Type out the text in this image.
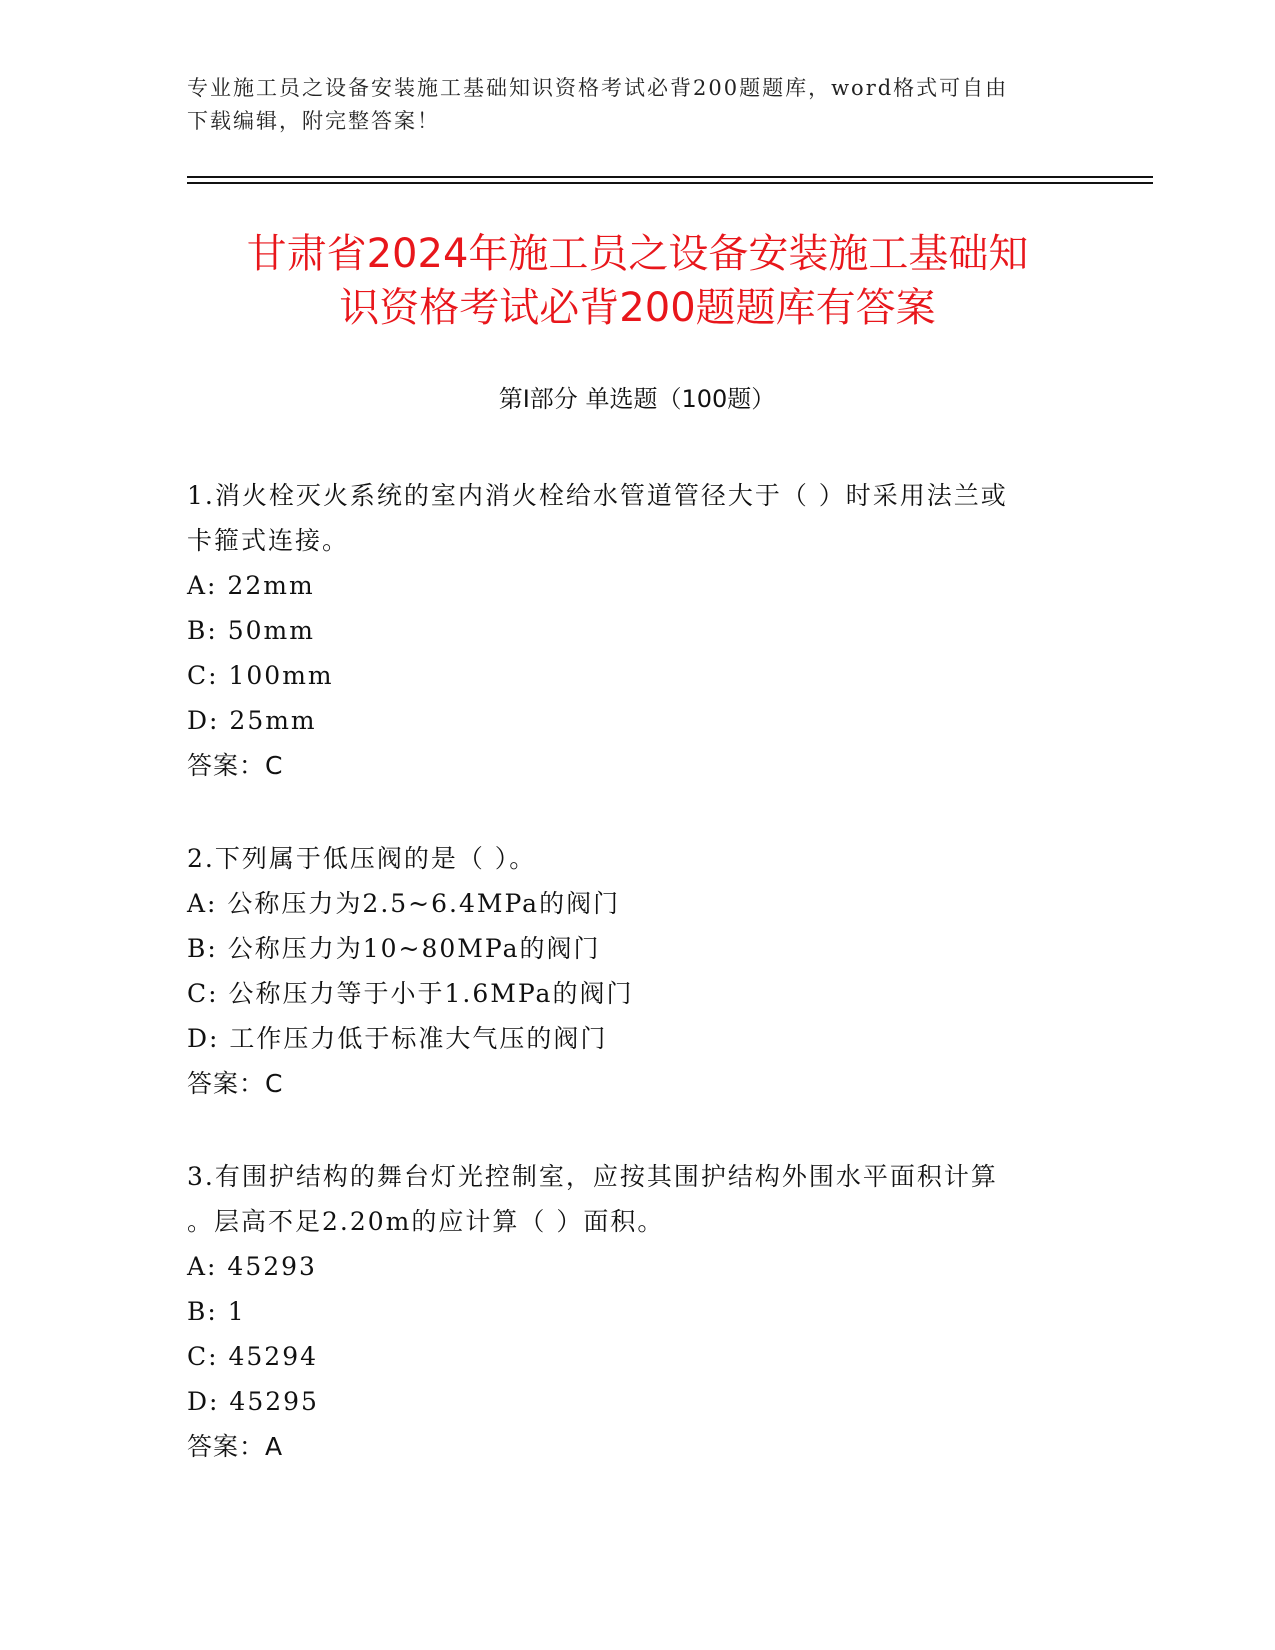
专业施工员之设备安装施工基础知识资格考试必背200题题库，word格式可自由
下载编辑，附完整答案！
甘肃省2024年施工员之设备安装施工基础知
识资格考试必背200题题库有答案
第I部分 单选题（100题）
1.消火栓灭火系统的室内消火栓给水管道管径大于（ ）时采用法兰或
卡箍式连接。
A: 22mm
B: 50mm
C: 100mm
D: 25mm
答案：C
2.下列属于低压阀的是（ ）。
A: 公称压力为2.5~6.4MPa的阀门
B: 公称压力为10~80MPa的阀门
C: 公称压力等于小于1.6MPa的阀门
D: 工作压力低于标准大气压的阀门
答案：C
3.有围护结构的舞台灯光控制室，应按其围护结构外围水平面积计算
。层高不足2.20m的应计算（ ）面积。
A: 45293
B: 1
C: 45294
D: 45295
答案：A
